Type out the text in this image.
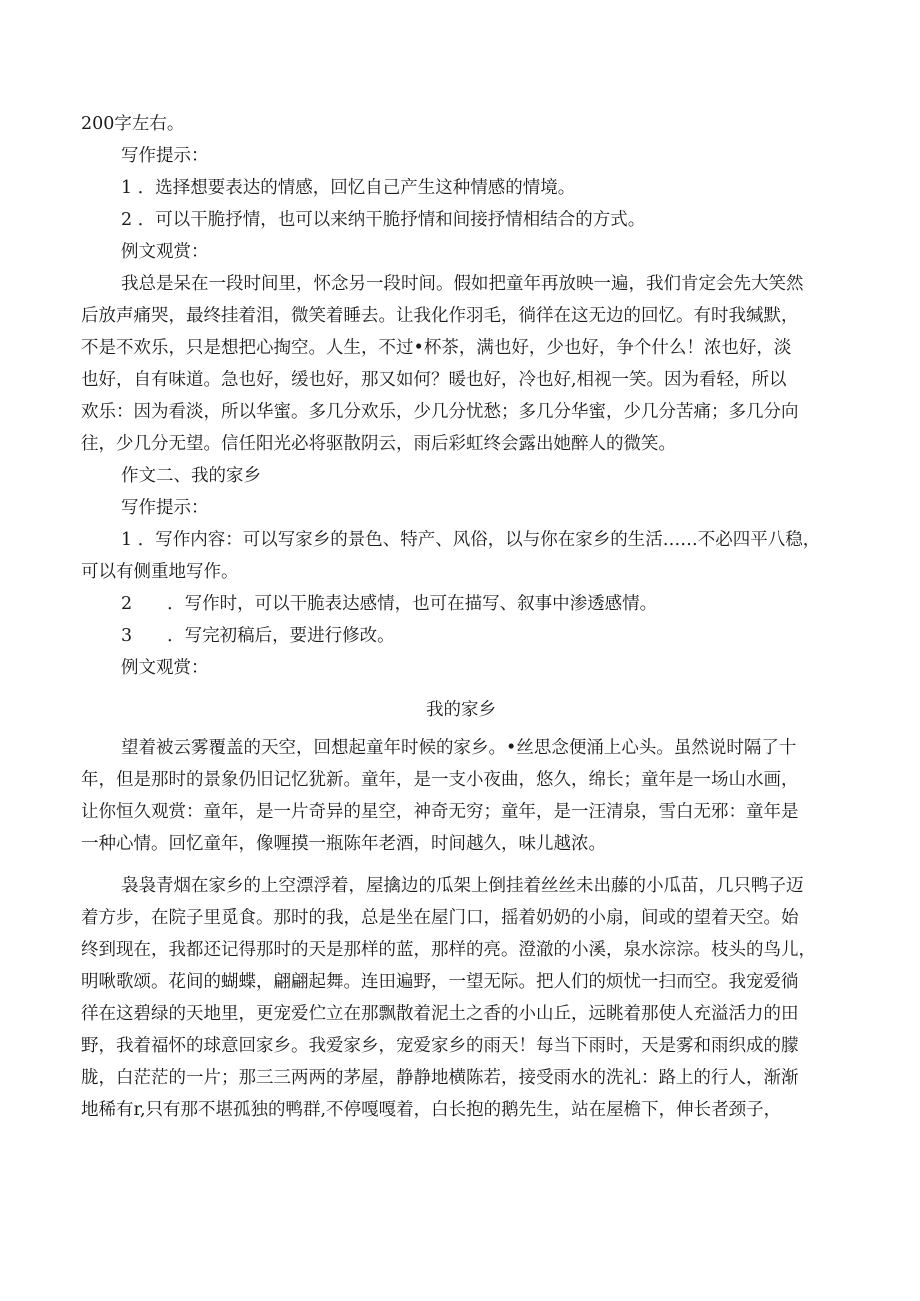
200字左右。
写作提示：
1 ．选择想要表达的情感，回忆自己产生这种情感的情境。
2 ．可以干脆抒情，也可以来纳干脆抒情和间接抒情相结合的方式。
例文观赏：
我总是呆在一段时间里，怀念另一段时间。假如把童年再放映一遍，我们肯定会先大笑然
后放声痛哭，最终挂着泪，微笑着睡去。让我化作羽毛，徜徉在这无边的回忆。有时我缄默，
不是不欢乐，只是想把心掏空。人生，不过•杯茶，满也好，少也好，争个什么！浓也好，淡
也好，自有味道。急也好，缓也好，那又如何？暖也好，冷也好,相视一笑。因为看轻，所以
欢乐：因为看淡，所以华蜜。多几分欢乐，少几分忧愁；多几分华蜜，少几分苦痛；多几分向
往，少几分无望。信任阳光必将驱散阴云，雨后彩虹终会露出她醉人的微笑。
作文二、我的家乡
写作提示：
1 ．写作内容：可以写家乡的景色、特产、风俗，以与你在家乡的生活……不必四平八稳，
可以有侧重地写作。
2　　．写作时，可以干脆表达感情，也可在描写、叙事中渗透感情。
3　　．写完初稿后，要进行修改。
例文观赏：
我的家乡
望着被云雾覆盖的天空，回想起童年时候的家乡。•丝思念便涌上心头。虽然说时隔了十
年，但是那时的景象仍旧记忆犹新。童年，是一支小夜曲，悠久，绵长；童年是一场山水画，
让你恒久观赏：童年，是一片奇异的星空，神奇无穷；童年，是一汪清泉，雪白无邪：童年是
一种心情。回忆童年，像喱摸一瓶陈年老酒，时间越久，味儿越浓。
袅袅青烟在家乡的上空漂浮着，屋擒边的瓜架上倒挂着丝丝未出藤的小瓜苗，几只鸭子迈
着方步，在院子里觅食。那时的我，总是坐在屋门口，摇着奶奶的小扇，间或的望着天空。始
终到现在，我都还记得那时的天是那样的蓝，那样的亮。澄澈的小溪，泉水淙淙。枝头的鸟儿，
明啾歌颂。花间的蝴蝶，翩翩起舞。连田遍野，一望无际。把人们的烦忧一扫而空。我宠爱徜
徉在这碧绿的天地里，更宠爱伫立在那飘散着泥土之香的小山丘，远眺着那使人充溢活力的田
野，我着福怀的球意回家乡。我爱家乡，宠爱家乡的雨天！每当下雨时，天是雾和雨织成的朦
胧，白茫茫的一片；那三三两两的茅屋，静静地横陈若，接受雨水的洗礼：路上的行人，渐渐
地稀有r,只有那不堪孤独的鸭群,不停嘎嘎着，白长抱的鹅先生，站在屋檐下，伸长者颈子，
